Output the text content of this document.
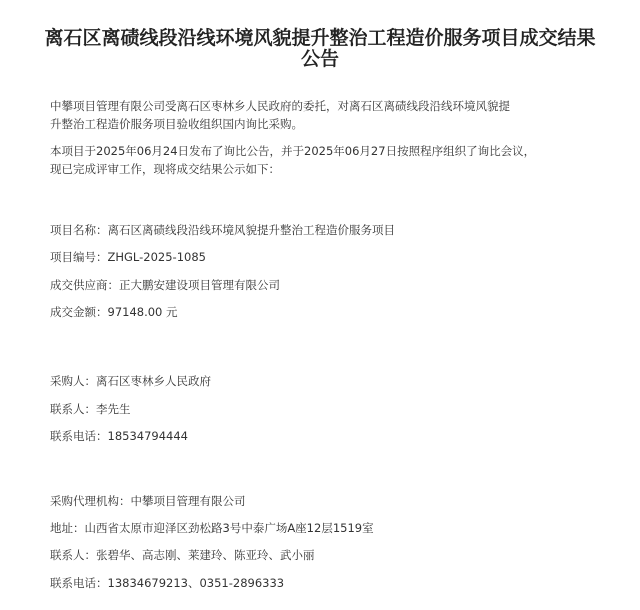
离石区离碛线段沿线环境风貌提升整治工程造价服务项目成交结果
公告

中攀项目管理有限公司受离石区枣林乡人民政府的委托，对离石区离碛线段沿线环境风貌提

升整治工程造价服务项目验收组织国内询比采购。

本项目于2025年06月24日发布了询比公告，并于2025年06月27日按照程序组织了询比会议，

现已完成评审工作，现将成交结果公示如下：

项目名称：离石区离碛线段沿线环境风貌提升整治工程造价服务项目
项目编号：ZHGL-2025-1085
成交供应商：正大鹏安建设项目管理有限公司
成交金额：97148.00 元
采购人：离石区枣林乡人民政府
联系人：李先生
联系电话：18534794444
采购代理机构：中攀项目管理有限公司
地址：山西省太原市迎泽区劲松路3号中泰广场A座12层1519室
联系人：张碧华、高志刚、莱建玲、陈亚玲、武小丽
联系电话：13834679213、0351-2896333
